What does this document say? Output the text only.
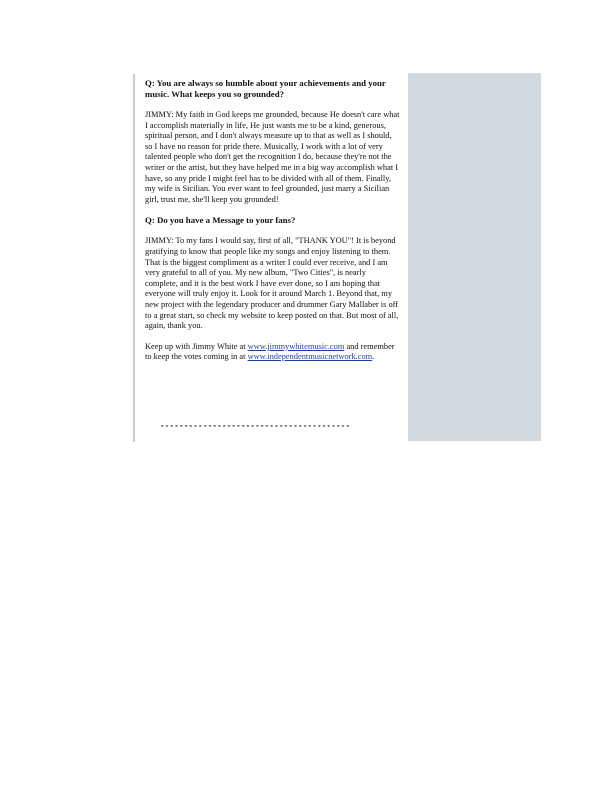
Q: You are always so humble about your achievements and your music. What keeps you so grounded?

JIMMY: My faith in God keeps me grounded, because He doesn't care what I accomplish materially in life, He just wants me to be a kind, generous, spiritual person, and I don't always measure up to that as well as I should, so I have no reason for pride there. Musically, I work with a lot of very talented people who don't get the recognition I do, because they're not the writer or the artist, but they have helped me in a big way accomplish what I have, so any pride I might feel has to be divided with all of them. Finally, my wife is Sicilian. You ever want to feel grounded, just marry a Sicilian girl, trust me, she'll keep you grounded!

Q: Do you have a Message to your fans?

JIMMY: To my fans I would say, first of all, "THANK YOU"! It is beyond gratifying to know that people like my songs and enjoy listening to them. That is the biggest compliment as a writer I could ever receive, and I am very grateful to all of you. My new album, "Two Cities", is nearly complete, and it is the best work I have ever done, so I am hoping that everyone will truly enjoy it. Look for it around March 1. Beyond that, my new project with the legendary producer and drummer Gary Mallaber is off to a great start, so check my website to keep posted on that. But most of all, again, thank you.

Keep up with Jimmy White at www.jimmywhitemusic.com and remember to keep the votes coming in at www.independentmusicnetwork.com.

****************************************
